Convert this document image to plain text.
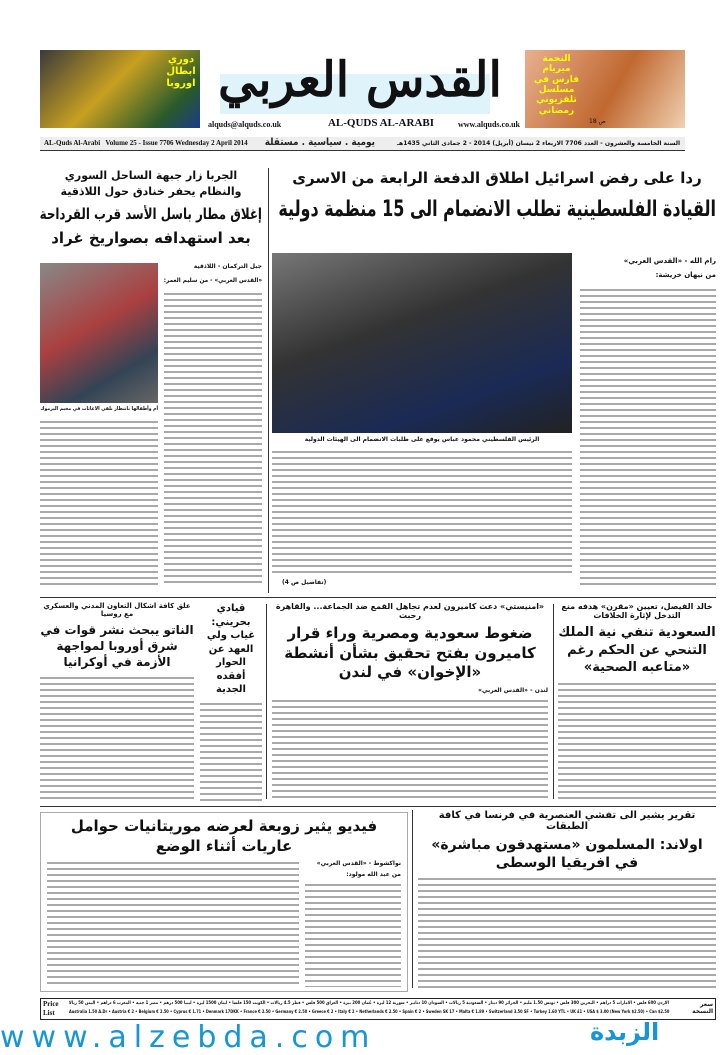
دوري ابطال اوروبا القدس العربي
alquds@alquds.co.uk	AL-QUDS AL-ARABI	www.alquds.co.uk
النجمة ميريام فارس في مسلسل تلفزيوني رمضاني
ص 18
AL-Quds Al-Arabi   Volume 25 - Issue 7706 Wednesday 2 April 2014	يومية . سياسية . مستقلة	السنة الخامسة والعشرون - العدد 7706 الاربعاء 2 نيسان (أبريل) 2014 - 2 جمادى الثاني 1435هـ
ردا على رفض اسرائيل اطلاق الدفعة الرابعة من الاسرى
القيادة الفلسطينية تطلب الانضمام الى 15 منظمة دولية
الرئيس الفلسطيني محمود عباس يوقع على طلبات الانضمام الى الهيئات الدولية
رام الله - «القدس العربي»
من نيهان خريشة:
(تفاصيل ص 4)
الجربا زار جبهة الساحل السوري
والنظام يحفر خنادق حول اللاذقية
إغلاق مطار باسل الأسد قرب القرداحة
بعد استهدافه بصواريخ غراد
أم وأطفالها بانتظار تلقي الاغاثات في مخيم اليرموك
جبل التركمان - اللاذقية
«القدس العربي» - من سليم العمر:
خالد الفيصل، تعيين «مقرن» هدفه منع التدخل لإثارة الخلافات
السعودية تنفي نية الملك التنحي عن الحكم رغم «متاعبه الصحية»
«امنيستي» دعت كاميرون لعدم تجاهل القمع ضد الجماعة... والقاهرة رحبت
ضغوط سعودية ومصرية وراء قرار كاميرون بفتح تحقيق بشأن أنشطة «الإخوان» في لندن
لندن - «القدس العربي»
قيادي بحريني: غياب ولي العهد عن الحوار أفقده الجدية
علق كافة اشكال التعاون المدني والعسكري مع روسيا
الناتو يبحث نشر قوات في شرق أوروبا لمواجهة الأزمة في أوكرانيا
تقرير يشير الى تفشي العنصرية في فرنسا في كافة الطبقات
اولاند: المسلمون «مستهدفون مباشرة» في افريقيا الوسطى
فيديو يثير زوبعة لعرضه موريتانيات حوامل عاريات أثناء الوضع
نواكشوط - «القدس العربي»
من عبد الله مولود:
Price List
الاردن 600 فلس • الامارات 5 دراهم • البحرين 300 فلس • تونس 1.50 مليم • الجزائر 90 دينار • السعودية 5 ريالات • السودان 10 دنانير • سورية 12 ليرة • عُمان 200 بيزة • العراق 500 فلس • قطر 4.5 ريالات • الكويت 150 فلسا • لبنان 1500 ليرة • ليبيا 500 درهم • مصر 1 جنيه • المغرب 6 دراهم • اليمن 50 ريالا
Australia 1.50 A.Dr • Austria € 2 • Belgium € 2.50 • Cyprus € 1.71 • Denmark 17DKK • France € 2.50 • Germany € 2.50 • Greece € 2 • Italy € 2 • Netherlands € 2.50 • Spain € 2 • Sweden SK 17 • Malta € 1.89 • Switzerland 3.50 SF • Turkey 1.60 YTL • UK £1 • USA $ 3.00 (New York $2.50) • Can $2.50
سعر النسخة
www.alzebda.com	الزبدة
